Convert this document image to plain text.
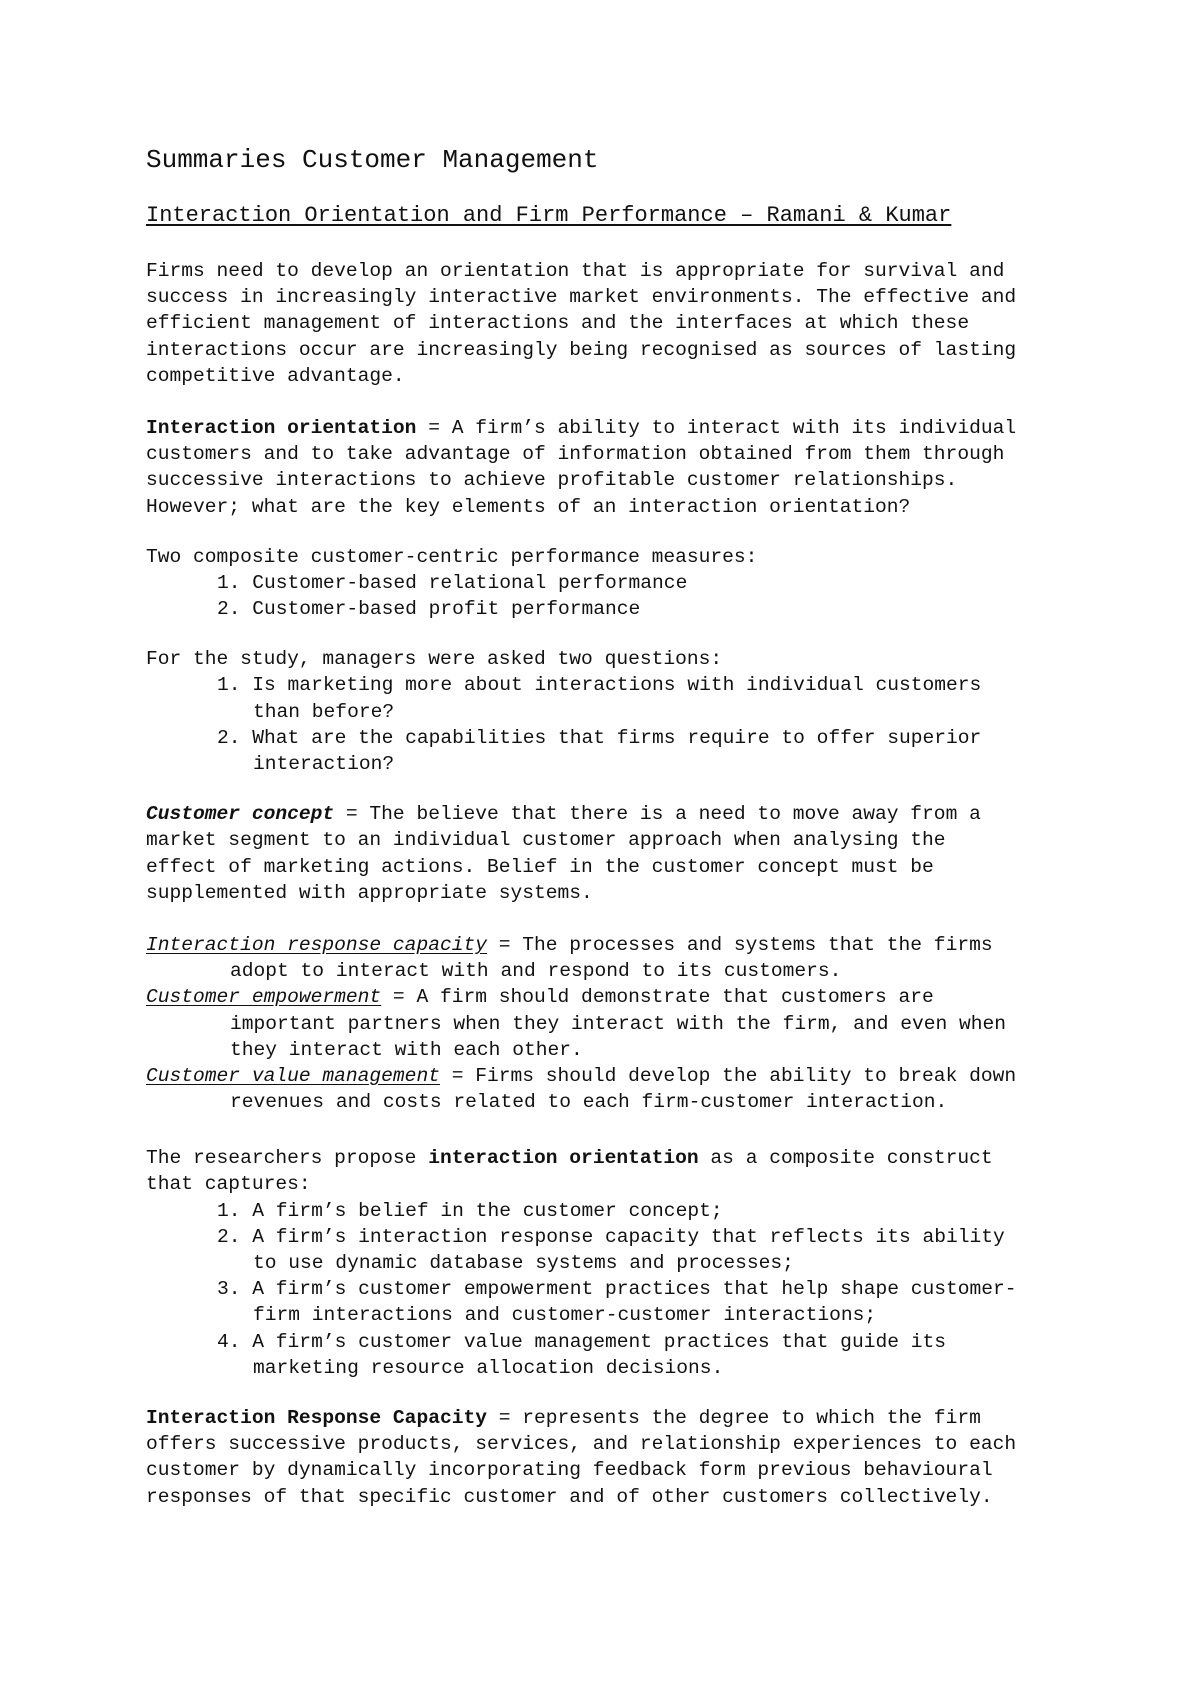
Summaries Customer Management
Interaction Orientation and Firm Performance – Ramani & Kumar
Firms need to develop an orientation that is appropriate for survival and
success in increasingly interactive market environments. The effective and
efficient management of interactions and the interfaces at which these
interactions occur are increasingly being recognised as sources of lasting
competitive advantage.
Interaction orientation = A firm’s ability to interact with its individual
customers and to take advantage of information obtained from them through
successive interactions to achieve profitable customer relationships.
However; what are the key elements of an interaction orientation?
Two composite customer-centric performance measures:
1. Customer-based relational performance
2. Customer-based profit performance
For the study, managers were asked two questions:
1. Is marketing more about interactions with individual customers
than before?
2. What are the capabilities that firms require to offer superior
interaction?
Customer concept = The believe that there is a need to move away from a
market segment to an individual customer approach when analysing the
effect of marketing actions. Belief in the customer concept must be
supplemented with appropriate systems.
Interaction response capacity = The processes and systems that the firms
adopt to interact with and respond to its customers.
Customer empowerment = A firm should demonstrate that customers are
important partners when they interact with the firm, and even when
they interact with each other.
Customer value management = Firms should develop the ability to break down
revenues and costs related to each firm-customer interaction.
The researchers propose interaction orientation as a composite construct
that captures:
1. A firm’s belief in the customer concept;
2. A firm’s interaction response capacity that reflects its ability
to use dynamic database systems and processes;
3. A firm’s customer empowerment practices that help shape customer-
firm interactions and customer-customer interactions;
4. A firm’s customer value management practices that guide its
marketing resource allocation decisions.
Interaction Response Capacity = represents the degree to which the firm
offers successive products, services, and relationship experiences to each
customer by dynamically incorporating feedback form previous behavioural
responses of that specific customer and of other customers collectively.
